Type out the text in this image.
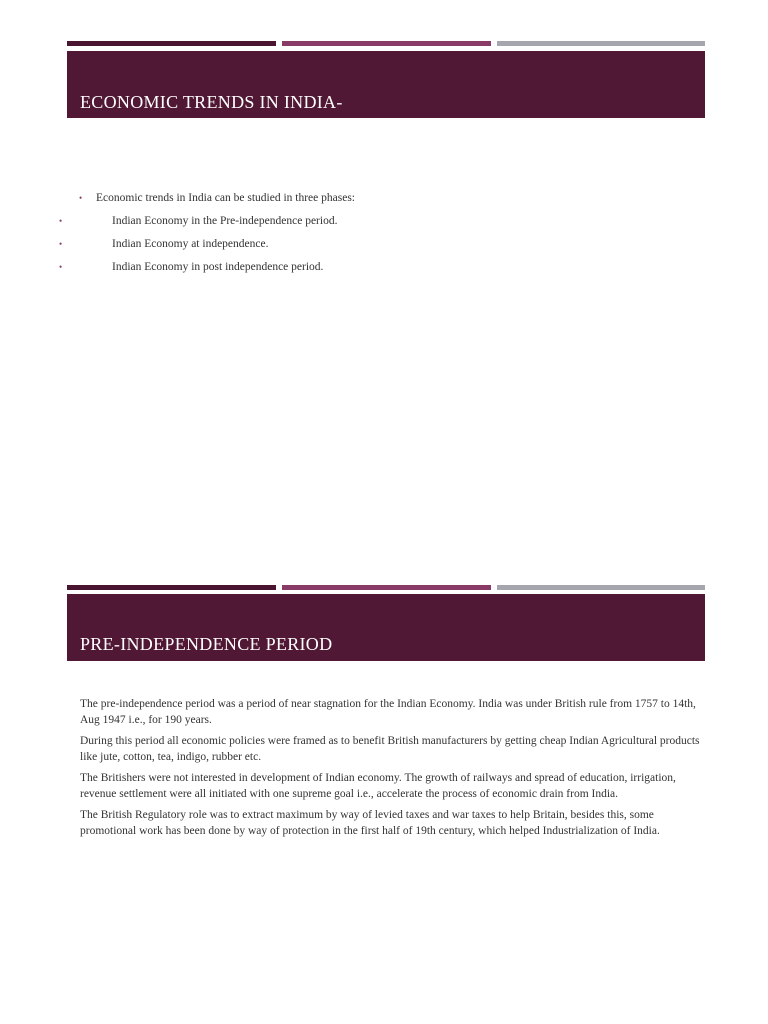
ECONOMIC TRENDS IN INDIA-
• Economic trends in India can be studied in three phases:
•	Indian Economy in the Pre-independence period.
•	Indian Economy at independence.
•	Indian Economy in post independence period.
PRE-INDEPENDENCE PERIOD

The pre-independence period was a period of near stagnation for the Indian Economy. India was under British rule from 1757 to 14th, Aug 1947 i.e., for 190 years.

During this period all economic policies were framed as to benefit British manufacturers by getting cheap Indian Agricultural products like jute, cotton, tea, indigo, rubber etc.

The Britishers were not interested in development of Indian economy. The growth of railways and spread of education, irrigation, revenue settlement were all initiated with one supreme goal i.e., accelerate the process of economic drain from India.

The British Regulatory role was to extract maximum by way of levied taxes and war taxes to help Britain, besides this, some promotional work has been done by way of protection in the first half of 19th century, which helped Industrialization of India.
